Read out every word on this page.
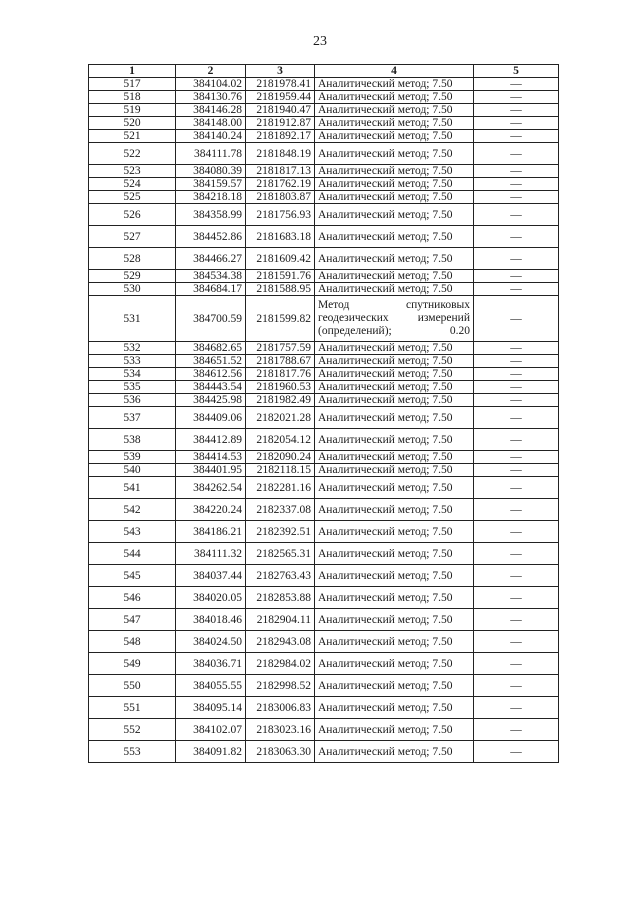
23
1	2	3	4	5
517	384104.02	2181978.41	Аналитический метод; 7.50	—
518	384130.76	2181959.44	Аналитический метод; 7.50	—
519	384146.28	2181940.47	Аналитический метод; 7.50	—
520	384148.00	2181912.87	Аналитический метод; 7.50	—
521	384140.24	2181892.17	Аналитический метод; 7.50	—
522	384111.78	2181848.19	Аналитический метод; 7.50	—
523	384080.39	2181817.13	Аналитический метод; 7.50	—
524	384159.57	2181762.19	Аналитический метод; 7.50	—
525	384218.18	2181803.87	Аналитический метод; 7.50	—
526	384358.99	2181756.93	Аналитический метод; 7.50	—
527	384452.86	2181683.18	Аналитический метод; 7.50	—
528	384466.27	2181609.42	Аналитический метод; 7.50	—
529	384534.38	2181591.76	Аналитический метод; 7.50	—
530	384684.17	2181588.95	Аналитический метод; 7.50	—
531	384700.59	2181599.82	Метод спутниковых геодезических измерений (определений); 0.20	—
532	384682.65	2181757.59	Аналитический метод; 7.50	—
533	384651.52	2181788.67	Аналитический метод; 7.50	—
534	384612.56	2181817.76	Аналитический метод; 7.50	—
535	384443.54	2181960.53	Аналитический метод; 7.50	—
536	384425.98	2181982.49	Аналитический метод; 7.50	—
537	384409.06	2182021.28	Аналитический метод; 7.50	—
538	384412.89	2182054.12	Аналитический метод; 7.50	—
539	384414.53	2182090.24	Аналитический метод; 7.50	—
540	384401.95	2182118.15	Аналитический метод; 7.50	—
541	384262.54	2182281.16	Аналитический метод; 7.50	—
542	384220.24	2182337.08	Аналитический метод; 7.50	—
543	384186.21	2182392.51	Аналитический метод; 7.50	—
544	384111.32	2182565.31	Аналитический метод; 7.50	—
545	384037.44	2182763.43	Аналитический метод; 7.50	—
546	384020.05	2182853.88	Аналитический метод; 7.50	—
547	384018.46	2182904.11	Аналитический метод; 7.50	—
548	384024.50	2182943.08	Аналитический метод; 7.50	—
549	384036.71	2182984.02	Аналитический метод; 7.50	—
550	384055.55	2182998.52	Аналитический метод; 7.50	—
551	384095.14	2183006.83	Аналитический метод; 7.50	—
552	384102.07	2183023.16	Аналитический метод; 7.50	—
553	384091.82	2183063.30	Аналитический метод; 7.50	—
